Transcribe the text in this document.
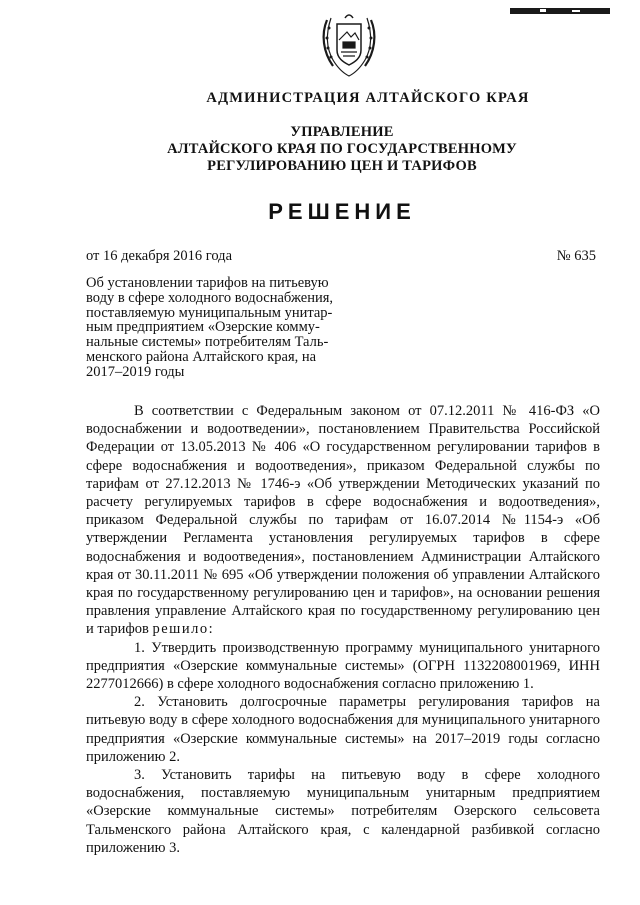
АДМИНИСТРАЦИЯ АЛТАЙСКОГО КРАЯ
УПРАВЛЕНИЕ
АЛТАЙСКОГО КРАЯ ПО ГОСУДАРСТВЕННОМУ
РЕГУЛИРОВАНИЮ ЦЕН И ТАРИФОВ
РЕШЕНИЕ
от 16 декабря 2016 года	№ 635
Об установлении тарифов на питьевую
воду в сфере холодного водоснабжения,
поставляемую муниципальным унитар-
ным предприятием «Озерские комму-
нальные системы» потребителям Таль-
менского района Алтайского края, на
2017–2019 годы

В соответствии с Федеральным законом от 07.12.2011 № 416-ФЗ «О водоснабжении и водоотведении», постановлением Правительства Российской Федерации от 13.05.2013 № 406 «О государственном регулировании тарифов в сфере водоснабжения и водоотведения», приказом Федеральной службы по тарифам от 27.12.2013 № 1746-э «Об утверждении Методических указаний по расчету регулируемых тарифов в сфере водоснабжения и водоотведения», приказом Федеральной службы по тарифам от 16.07.2014 №1154-э «Об утверждении Регламента установления регулируемых тарифов в сфере водоснабжения и водоотведения», постановлением Администрации Алтайского края от 30.11.2011 № 695 «Об утверждении положения об управлении Алтайского края по государственному регулированию цен и тарифов», на основании решения правления управление Алтайского края по государственному регулированию цен и тарифов решило:

1. Утвердить производственную программу муниципального унитарного предприятия «Озерские коммунальные системы» (ОГРН 1132208001969, ИНН 2277012666) в сфере холодного водоснабжения согласно приложению 1.

2. Установить долгосрочные параметры регулирования тарифов на питьевую воду в сфере холодного водоснабжения для муниципального унитарного предприятия «Озерские коммунальные системы» на 2017–2019 годы согласно приложению 2.

3. Установить тарифы на питьевую воду в сфере холодного водоснабжения, поставляемую муниципальным унитарным предприятием «Озерские коммунальные системы» потребителям Озерского сельсовета Тальменского района Алтайского края, с календарной разбивкой согласно приложению 3.
